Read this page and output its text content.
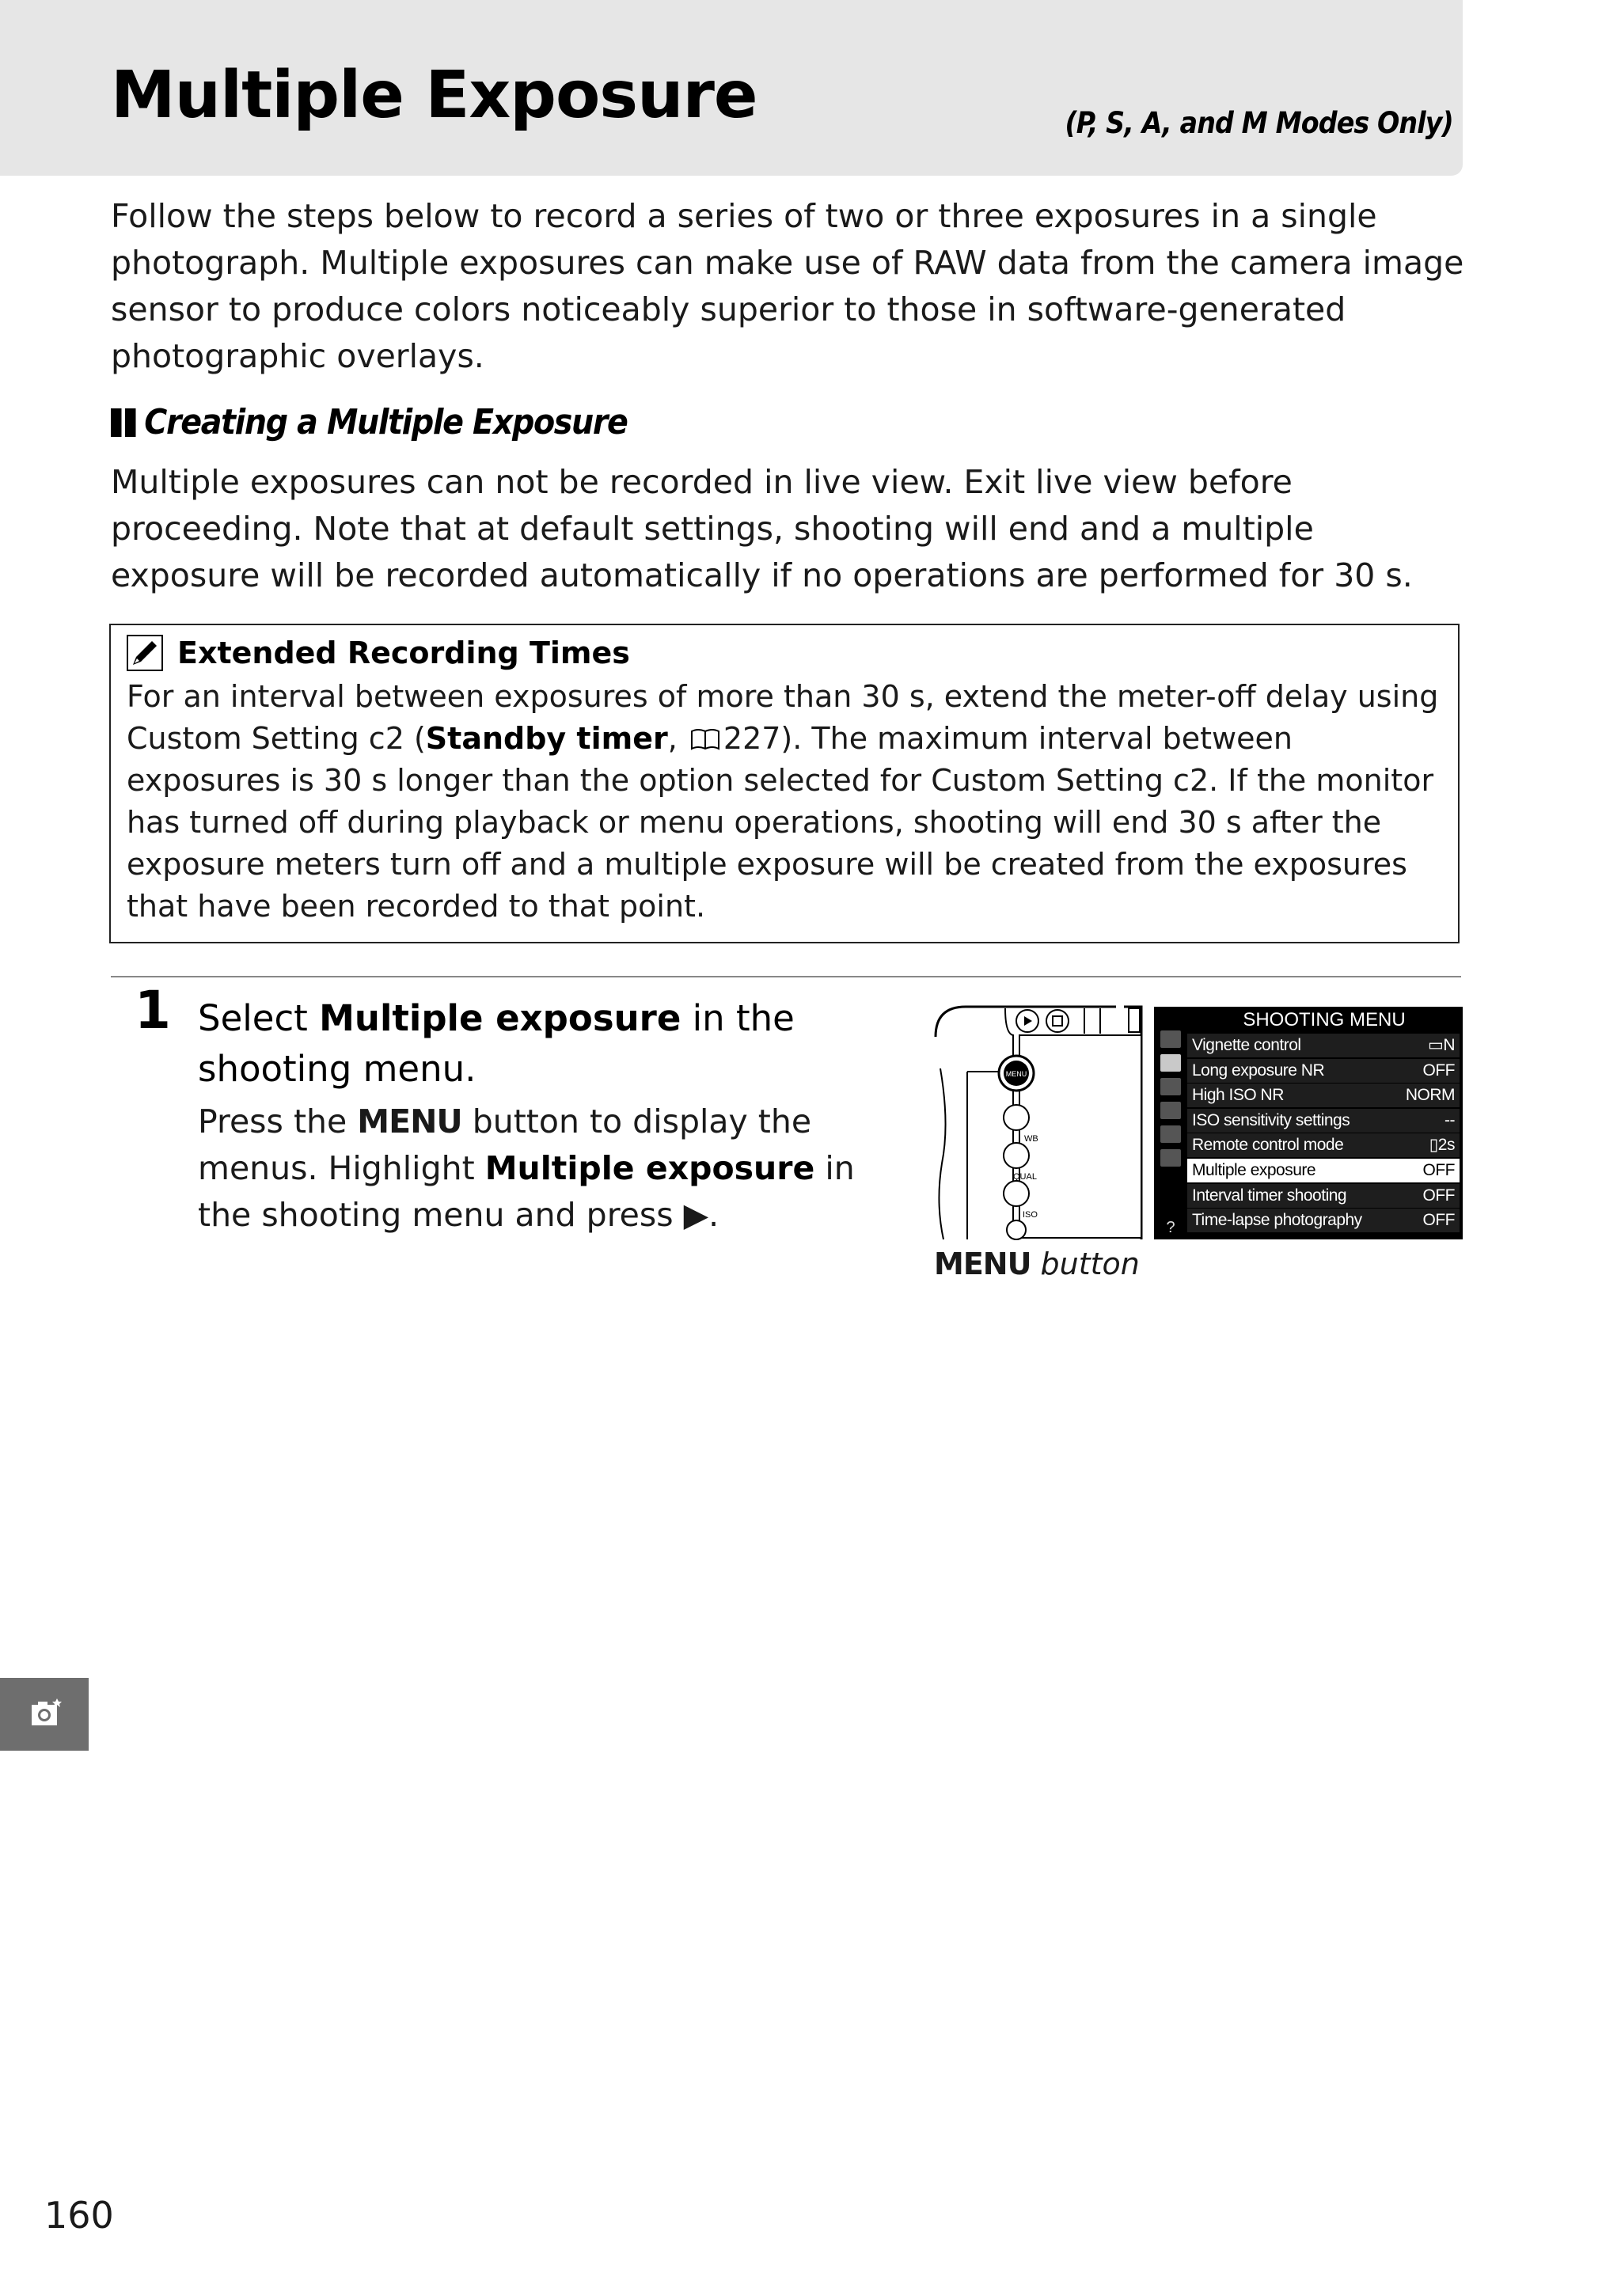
Multiple Exposure	(P, S, A, and M Modes Only)

Follow the steps below to record a series of two or three exposures in a single photograph. Multiple exposures can make use of RAW data from the camera image sensor to produce colors noticeably superior to those in software-generated photographic overlays.

Creating a Multiple Exposure

Multiple exposures can not be recorded in live view. Exit live view before proceeding. Note that at default settings, shooting will end and a multiple exposure will be recorded automatically if no operations are performed for 30 s.

Extended Recording Times

For an interval between exposures of more than 30 s, extend the meter-off delay using Custom Setting c2 (Standby timer, 227). The maximum interval between exposures is 30 s longer than the option selected for Custom Setting c2. If the monitor has turned off during playback or menu operations, shooting will end 30 s after the exposure meters turn off and a multiple exposure will be created from the exposures that have been recorded to that point.

1 Select Multiple exposure in the shooting menu.

Press the MENU button to display the menus. Highlight Multiple exposure in the shooting menu and press ▶.

MENU
WB
QUAL
ISO
MENU button
SHOOTING MENU
?
Vignette control	▭N
Long exposure NR	OFF
High ISO NR	NORM
ISO sensitivity settings	--
Remote control mode	▯2s
Multiple exposure	OFF
Interval timer shooting	OFF
Time-lapse photography	OFF
160
